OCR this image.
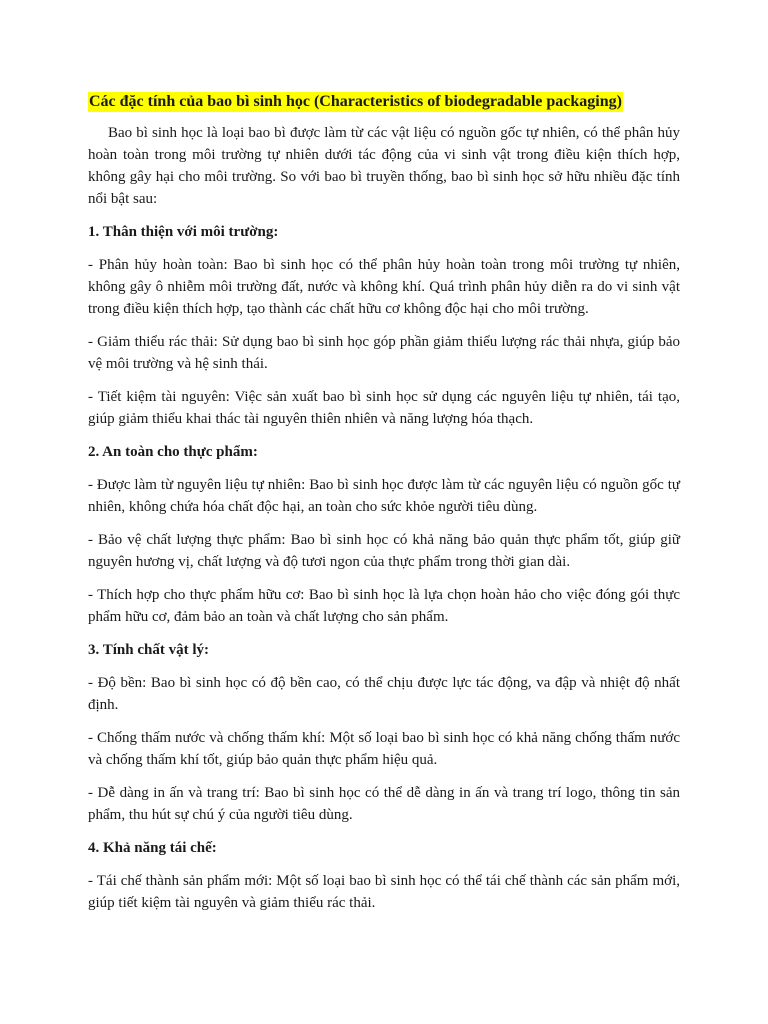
Các đặc tính của bao bì sinh học (Characteristics of biodegradable packaging)

Bao bì sinh học là loại bao bì được làm từ các vật liệu có nguồn gốc tự nhiên, có thể phân hủy hoàn toàn trong môi trường tự nhiên dưới tác động của vi sinh vật trong điều kiện thích hợp, không gây hại cho môi trường. So với bao bì truyền thống, bao bì sinh học sở hữu nhiều đặc tính nổi bật sau:

1. Thân thiện với môi trường:

- Phân hủy hoàn toàn: Bao bì sinh học có thể phân hủy hoàn toàn trong môi trường tự nhiên, không gây ô nhiễm môi trường đất, nước và không khí. Quá trình phân hủy diễn ra do vi sinh vật trong điều kiện thích hợp, tạo thành các chất hữu cơ không độc hại cho môi trường.

- Giảm thiểu rác thải: Sử dụng bao bì sinh học góp phần giảm thiểu lượng rác thải nhựa, giúp bảo vệ môi trường và hệ sinh thái.

- Tiết kiệm tài nguyên: Việc sản xuất bao bì sinh học sử dụng các nguyên liệu tự nhiên, tái tạo, giúp giảm thiểu khai thác tài nguyên thiên nhiên và năng lượng hóa thạch.

2. An toàn cho thực phẩm:

- Được làm từ nguyên liệu tự nhiên: Bao bì sinh học được làm từ các nguyên liệu có nguồn gốc tự nhiên, không chứa hóa chất độc hại, an toàn cho sức khỏe người tiêu dùng.

- Bảo vệ chất lượng thực phẩm: Bao bì sinh học có khả năng bảo quản thực phẩm tốt, giúp giữ nguyên hương vị, chất lượng và độ tươi ngon của thực phẩm trong thời gian dài.

- Thích hợp cho thực phẩm hữu cơ: Bao bì sinh học là lựa chọn hoàn hảo cho việc đóng gói thực phẩm hữu cơ, đảm bảo an toàn và chất lượng cho sản phẩm.

3. Tính chất vật lý:

- Độ bền: Bao bì sinh học có độ bền cao, có thể chịu được lực tác động, va đập và nhiệt độ nhất định.

- Chống thấm nước và chống thấm khí: Một số loại bao bì sinh học có khả năng chống thấm nước và chống thấm khí tốt, giúp bảo quản thực phẩm hiệu quả.

- Dễ dàng in ấn và trang trí: Bao bì sinh học có thể dễ dàng in ấn và trang trí logo, thông tin sản phẩm, thu hút sự chú ý của người tiêu dùng.

4. Khả năng tái chế:

- Tái chế thành sản phẩm mới: Một số loại bao bì sinh học có thể tái chế thành các sản phẩm mới, giúp tiết kiệm tài nguyên và giảm thiểu rác thải.
